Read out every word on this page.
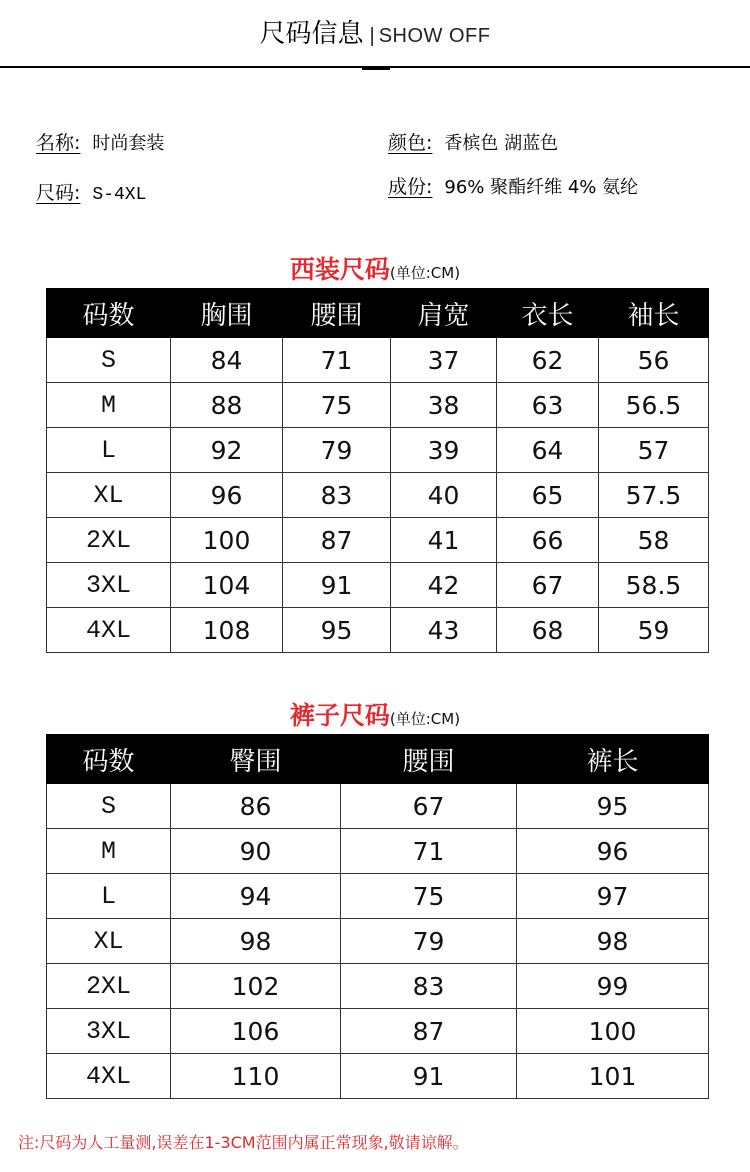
尺码信息 | SHOW OFF
名称: 时尚套装
尺码: S-4XL
颜色: 香槟色 湖蓝色
成份: 96% 聚酯纤维 4% 氨纶
西装尺码(单位:CM)
码数	胸围	腰围	肩宽	衣长	袖长
S	84	71	37	62	56
M	88	75	38	63	56.5
L	92	79	39	64	57
XL	96	83	40	65	57.5
2XL	100	87	41	66	58
3XL	104	91	42	67	58.5
4XL	108	95	43	68	59
裤子尺码(单位:CM)
码数	臀围	腰围	裤长
S	86	67	95
M	90	71	96
L	94	75	97
XL	98	79	98
2XL	102	83	99
3XL	106	87	100
4XL	110	91	101
注:尺码为人工量测,误差在1-3CM范围内属正常现象,敬请谅解。
